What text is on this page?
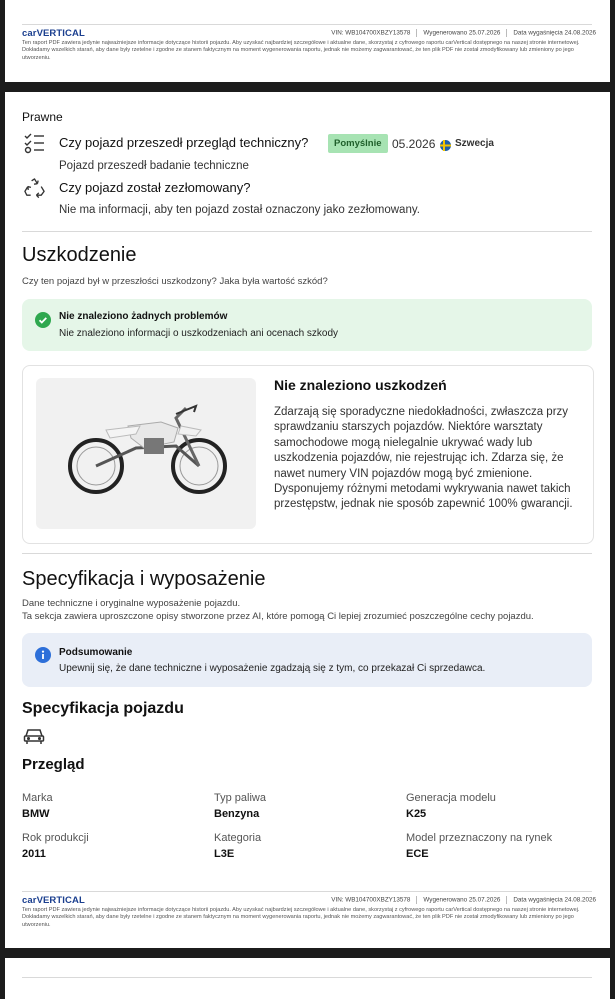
carVERTICAL	VIN: WB104700XBZY13578 Wygenerowano 25.07.2026 Data wygaśnięcia 24.08.2026
Ten raport PDF zawiera jedynie najważniejsze informacje dotyczące historii pojazdu. Aby uzyskać najbardziej szczegółowe i aktualne dane, skorzystaj z cyfrowego raportu carVertical dostępnego na naszej stronie internetowej. Dokładamy wszelkich starań, aby dane były rzetelne i zgodne ze stanem faktycznym na moment wygenerowania raportu, jednak nie możemy zagwarantować, że ten plik PDF nie został zmodyfikowany lub zmieniony po jego utworzeniu.
Prawne
Czy pojazd przeszedł przegląd techniczny?	Pomyślnie 05.2026 Szwecja
Pojazd przeszedł badanie techniczne
Czy pojazd został zezłomowany?
Nie ma informacji, aby ten pojazd został oznaczony jako zezłomowany.
Uszkodzenie
Czy ten pojazd był w przeszłości uszkodzony? Jaka była wartość szkód?
Nie znaleziono żadnych problemów
Nie znaleziono informacji o uszkodzeniach ani ocenach szkody
Nie znaleziono uszkodzeń
Zdarzają się sporadyczne niedokładności, zwłaszcza przy
sprawdzaniu starszych pojazdów. Niektóre warsztaty
samochodowe mogą nielegalnie ukrywać wady lub
uszkodzenia pojazdów, nie rejestrując ich. Zdarza się, że
nawet numery VIN pojazdów mogą być zmienione.
Dysponujemy różnymi metodami wykrywania nawet takich
przestępstw, jednak nie sposób zapewnić 100% gwarancji.
Specyfikacja i wyposażenie
Dane techniczne i oryginalne wyposażenie pojazdu.
Ta sekcja zawiera uproszczone opisy stworzone przez AI, które pomogą Ci lepiej zrozumieć poszczególne cechy pojazdu.
Podsumowanie
Upewnij się, że dane techniczne i wyposażenie zgadzają się z tym, co przekazał Ci sprzedawca.
Specyfikacja pojazdu
Przegląd
Marka
BMW
Typ paliwa
Benzyna
Generacja modelu
K25
Rok produkcji
2011
Kategoria
L3E
Model przeznaczony na rynek
ECE
carVERTICAL	VIN: WB104700XBZY13578 Wygenerowano 25.07.2026 Data wygaśnięcia 24.08.2026
Ten raport PDF zawiera jedynie najważniejsze informacje dotyczące historii pojazdu. Aby uzyskać najbardziej szczegółowe i aktualne dane, skorzystaj z cyfrowego raportu carVertical dostępnego na naszej stronie internetowej. Dokładamy wszelkich starań, aby dane były rzetelne i zgodne ze stanem faktycznym na moment wygenerowania raportu, jednak nie możemy zagwarantować, że ten plik PDF nie został zmodyfikowany lub zmieniony po jego utworzeniu.
